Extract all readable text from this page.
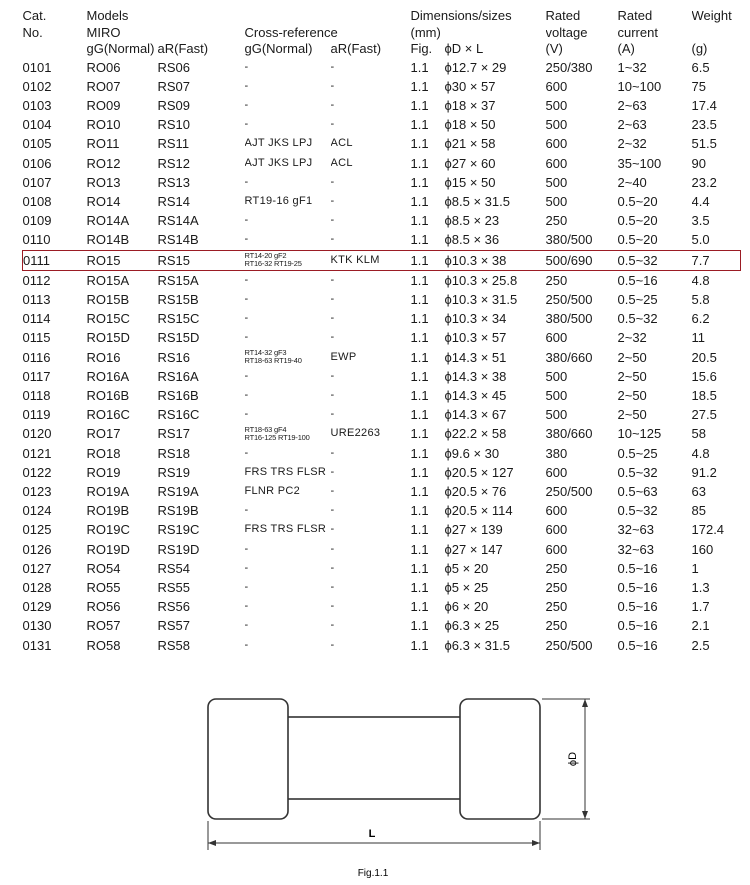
Cat.	Models				Dimensions/sizes		Rated	Rated	Weight
No.	MIRO		Cross-reference		(mm)		voltage	current	
	gG(Normal)	aR(Fast)	gG(Normal)	aR(Fast)	Fig.	ϕD × L	(V)	(A)	(g)
0101	RO06	RS06	-	-	1.1	ϕ12.7 × 29	250/380	1~32	6.5
0102	RO07	RS07	-	-	1.1	ϕ30 × 57	600	10~100	75
0103	RO09	RS09	-	-	1.1	ϕ18 × 37	500	2~63	17.4
0104	RO10	RS10	-	-	1.1	ϕ18 × 50	500	2~63	23.5
0105	RO11	RS11	AJT JKS LPJ	ACL	1.1	ϕ21 × 58	600	2~32	51.5
0106	RO12	RS12	AJT JKS LPJ	ACL	1.1	ϕ27 × 60	600	35~100	90
0107	RO13	RS13	-	-	1.1	ϕ15 × 50	500	2~40	23.2
0108	RO14	RS14	RT19-16 gF1	-	1.1	ϕ8.5 × 31.5	500	0.5~20	4.4
0109	RO14A	RS14A	-	-	1.1	ϕ8.5 × 23	250	0.5~20	3.5
0110	RO14B	RS14B	-	-	1.1	ϕ8.5 × 36	380/500	0.5~20	5.0
0111	RO15	RS15	RT14-20 gF2
RT16-32 RT19-25	KTK KLM	1.1	ϕ10.3 × 38	500/690	0.5~32	7.7
0112	RO15A	RS15A	-	-	1.1	ϕ10.3 × 25.8	250	0.5~16	4.8
0113	RO15B	RS15B	-	-	1.1	ϕ10.3 × 31.5	250/500	0.5~25	5.8
0114	RO15C	RS15C	-	-	1.1	ϕ10.3 × 34	380/500	0.5~32	6.2
0115	RO15D	RS15D	-	-	1.1	ϕ10.3 × 57	600	2~32	11
0116	RO16	RS16	RT14-32 gF3
RT18-63 RT19-40	EWP	1.1	ϕ14.3 × 51	380/660	2~50	20.5
0117	RO16A	RS16A	-	-	1.1	ϕ14.3 × 38	500	2~50	15.6
0118	RO16B	RS16B	-	-	1.1	ϕ14.3 × 45	500	2~50	18.5
0119	RO16C	RS16C	-	-	1.1	ϕ14.3 × 67	500	2~50	27.5
0120	RO17	RS17	RT18-63 gF4
RT16-125 RT19-100	URE2263	1.1	ϕ22.2 × 58	380/660	10~125	58
0121	RO18	RS18	-	-	1.1	ϕ9.6 × 30	380	0.5~25	4.8
0122	RO19	RS19	FRS TRS FLSR	-	1.1	ϕ20.5 × 127	600	0.5~32	91.2
0123	RO19A	RS19A	FLNR PC2	-	1.1	ϕ20.5 × 76	250/500	0.5~63	63
0124	RO19B	RS19B	-	-	1.1	ϕ20.5 × 114	600	0.5~32	85
0125	RO19C	RS19C	FRS TRS FLSR	-	1.1	ϕ27 × 139	600	32~63	172.4
0126	RO19D	RS19D	-	-	1.1	ϕ27 × 147	600	32~63	160
0127	RO54	RS54	-	-	1.1	ϕ5 × 20	250	0.5~16	1
0128	RO55	RS55	-	-	1.1	ϕ5 × 25	250	0.5~16	1.3
0129	RO56	RS56	-	-	1.1	ϕ6 × 20	250	0.5~16	1.7
0130	RO57	RS57	-	-	1.1	ϕ6.3 × 25	250	0.5~16	2.1
0131	RO58	RS58	-	-	1.1	ϕ6.3 × 31.5	250/500	0.5~16	2.5
ϕD
L
Fig.1.1
